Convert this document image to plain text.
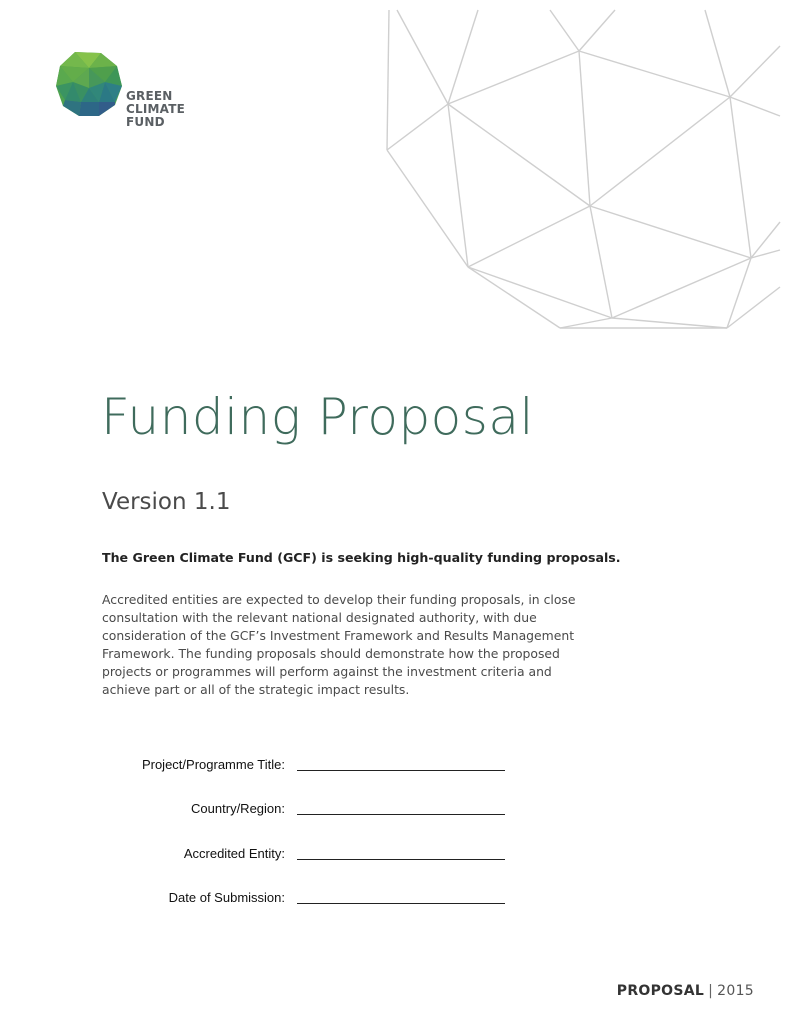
GREEN
CLIMATE
FUND
Funding Proposal
Version 1.1
The Green Climate Fund (GCF) is seeking high-quality funding proposals.
Accredited entities are expected to develop their funding proposals, in close
consultation with the relevant national designated authority, with due
consideration of the GCF’s Investment Framework and Results Management
Framework. The funding proposals should demonstrate how the proposed
projects or programmes will perform against the investment criteria and
achieve part or all of the strategic impact results.
Project/Programme Title:
Country/Region:
Accredited Entity:
Date of Submission:
PROPOSAL | 2015
